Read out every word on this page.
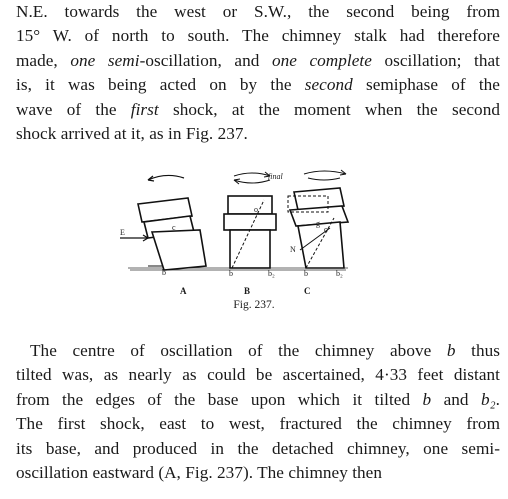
N.E. towards the west or S.W., the second being from
15° W. of north to south. The chimney stalk had therefore
made, one semi-oscillation, and one complete oscillation; that
is, it was being acted on by the second semiphase of the
wave of the first shock, at the moment when the second
shock arrived at it, as in Fig. 237.
E
c
b
final
o
b	b₂
g
o
N
b	b₂
A	B	C
Fig. 237.
The centre of oscillation of the chimney above b thus
tilted was, as nearly as could be ascertained, 4·33 feet distant
from the edges of the base upon which it tilted b and b₂.
The first shock, east to west, fractured the chimney from
its base, and produced in the detached chimney, one semi-
oscillation eastward (A, Fig. 237). The chimney then
